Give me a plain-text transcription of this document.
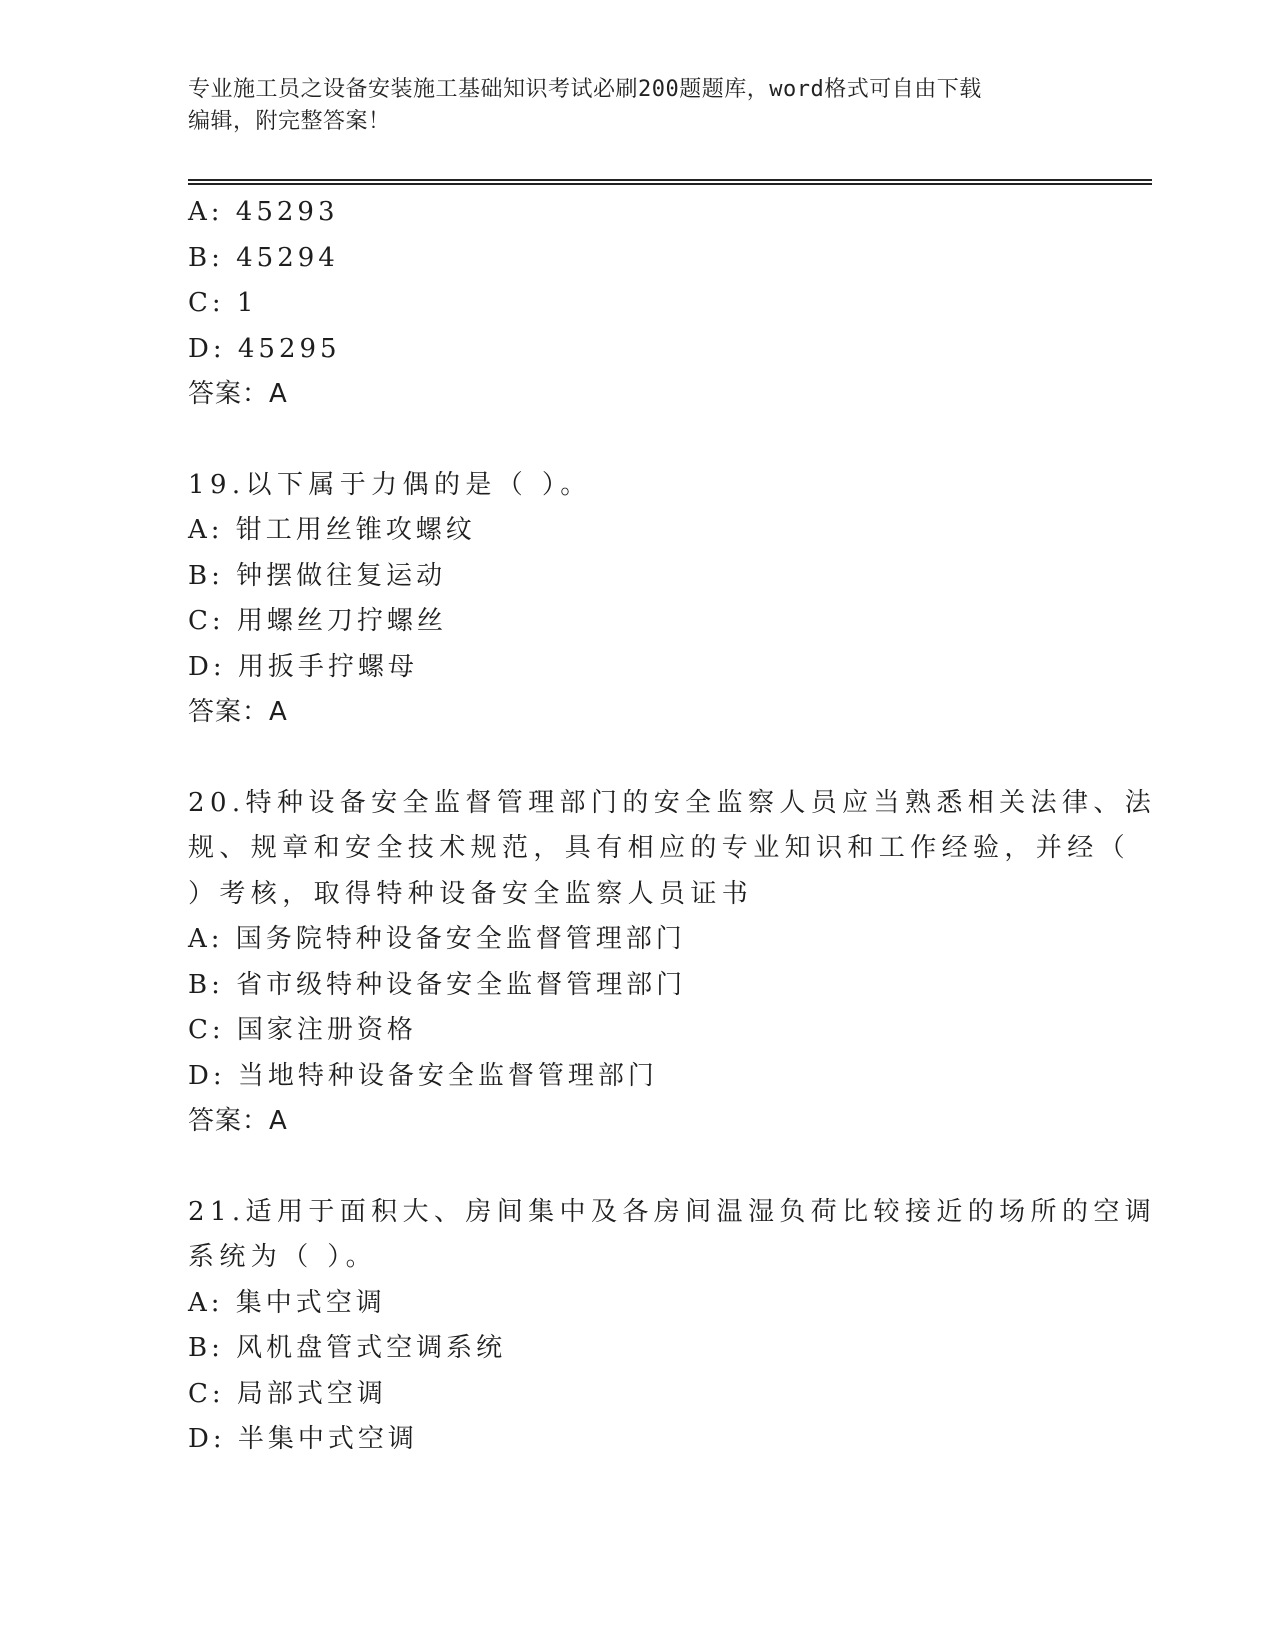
专业施工员之设备安装施工基础知识考试必刷200题题库，word格式可自由下载
编辑，附完整答案！
A: 45293
B: 45294
C: 1
D: 45295
答案：A
19.以下属于力偶的是（ ）。
A: 钳工用丝锥攻螺纹
B: 钟摆做往复运动
C: 用螺丝刀拧螺丝
D: 用扳手拧螺母
答案：A
20.特种设备安全监督管理部门的安全监察人员应当熟悉相关法律、法
规、规章和安全技术规范，具有相应的专业知识和工作经验，并经（
）考核，取得特种设备安全监察人员证书
A: 国务院特种设备安全监督管理部门
B: 省市级特种设备安全监督管理部门
C: 国家注册资格
D: 当地特种设备安全监督管理部门
答案：A
21.适用于面积大、房间集中及各房间温湿负荷比较接近的场所的空调
系统为（ ）。
A: 集中式空调
B: 风机盘管式空调系统
C: 局部式空调
D: 半集中式空调
